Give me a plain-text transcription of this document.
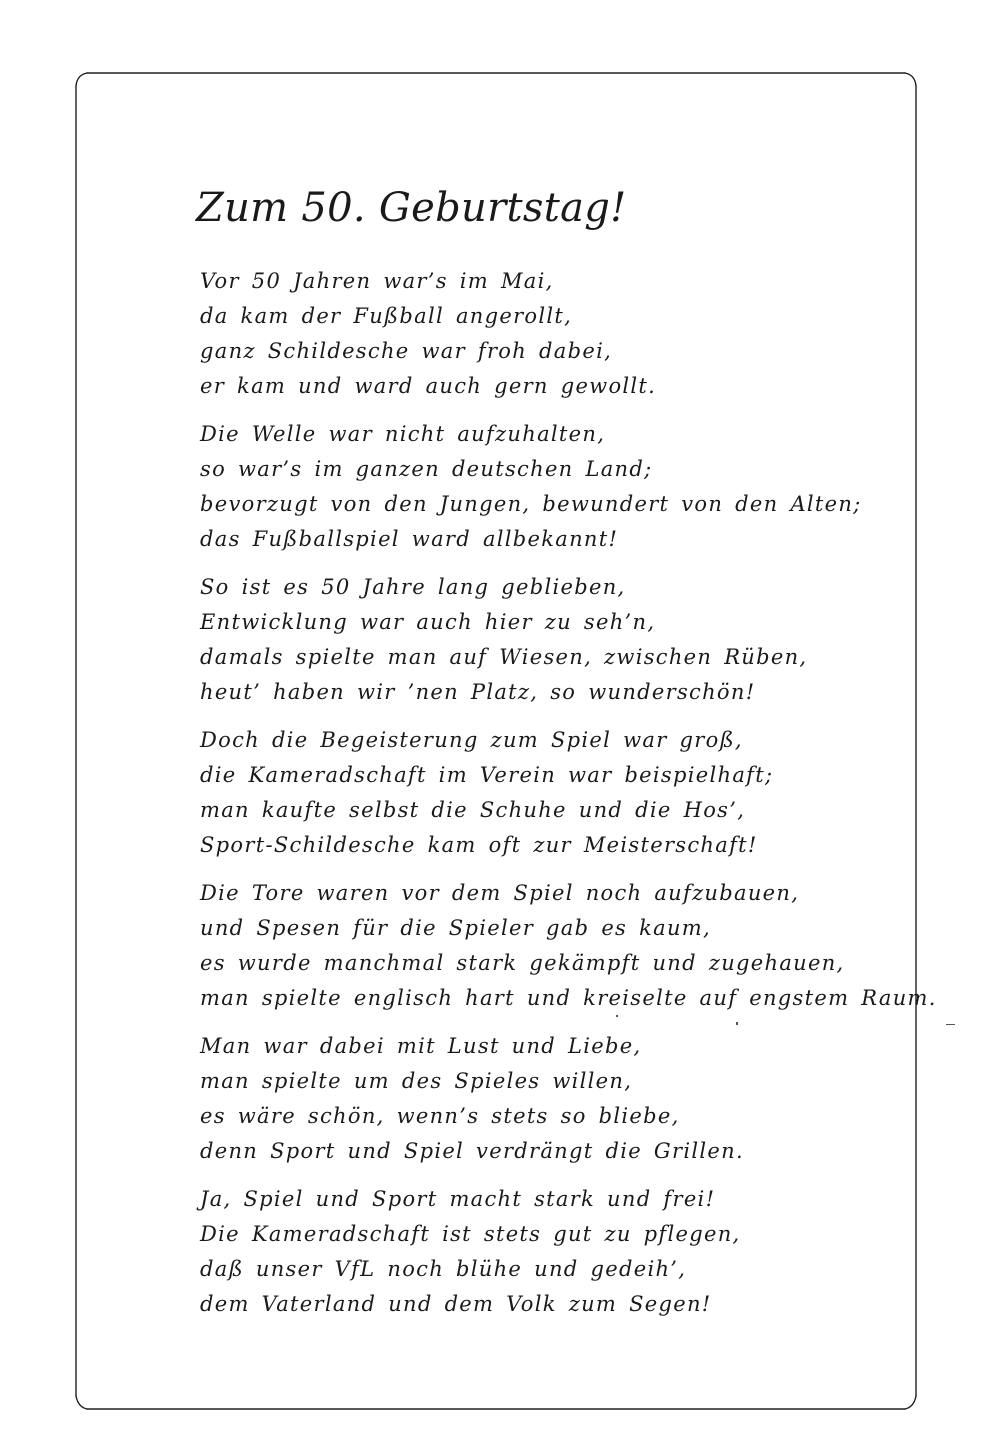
Zum 50. Geburtstag!
Vor 50 Jahren war’s im Mai,
da kam der Fußball angerollt,
ganz Schildesche war froh dabei,
er kam und ward auch gern gewollt.
Die Welle war nicht aufzuhalten,
so war’s im ganzen deutschen Land;
bevorzugt von den Jungen, bewundert von den Alten;
das Fußballspiel ward allbekannt!
So ist es 50 Jahre lang geblieben,
Entwicklung war auch hier zu seh’n,
damals spielte man auf Wiesen, zwischen Rüben,
heut’ haben wir ’nen Platz, so wunderschön!
Doch die Begeisterung zum Spiel war groß,
die Kameradschaft im Verein war beispielhaft;
man kaufte selbst die Schuhe und die Hos’,
Sport-Schildesche kam oft zur Meisterschaft!
Die Tore waren vor dem Spiel noch aufzubauen,
und Spesen für die Spieler gab es kaum,
es wurde manchmal stark gekämpft und zugehauen,
man spielte englisch hart und kreiselte auf engstem Raum.
Man war dabei mit Lust und Liebe,
man spielte um des Spieles willen,
es wäre schön, wenn’s stets so bliebe,
denn Sport und Spiel verdrängt die Grillen.
Ja, Spiel und Sport macht stark und frei!
Die Kameradschaft ist stets gut zu pflegen,
daß unser VfL noch blühe und gedeih’,
dem Vaterland und dem Volk zum Segen!
